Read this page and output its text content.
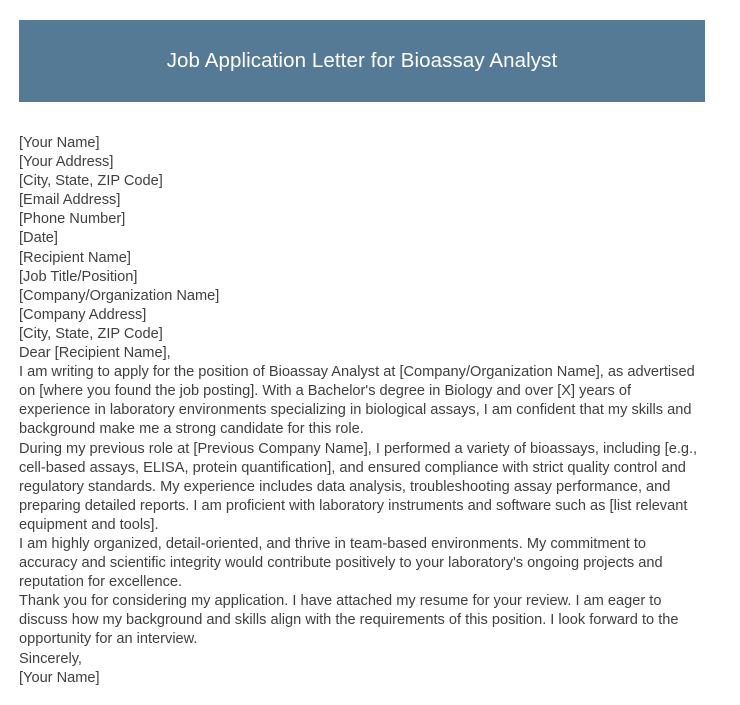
Job Application Letter for Bioassay Analyst
[Your Name]
[Your Address]
[City, State, ZIP Code]
[Email Address]
[Phone Number]
[Date]
[Recipient Name]
[Job Title/Position]
[Company/Organization Name]
[Company Address]
[City, State, ZIP Code]
Dear [Recipient Name],
I am writing to apply for the position of Bioassay Analyst at [Company/Organization Name], as advertised on [where you found the job posting]. With a Bachelor's degree in Biology and over [X] years of experience in laboratory environments specializing in biological assays, I am confident that my skills and background make me a strong candidate for this role.
During my previous role at [Previous Company Name], I performed a variety of bioassays, including [e.g., cell-based assays, ELISA, protein quantification], and ensured compliance with strict quality control and regulatory standards. My experience includes data analysis, troubleshooting assay performance, and preparing detailed reports. I am proficient with laboratory instruments and software such as [list relevant equipment and tools].
I am highly organized, detail-oriented, and thrive in team-based environments. My commitment to accuracy and scientific integrity would contribute positively to your laboratory's ongoing projects and reputation for excellence.
Thank you for considering my application. I have attached my resume for your review. I am eager to discuss how my background and skills align with the requirements of this position. I look forward to the opportunity for an interview.
Sincerely,
[Your Name]
